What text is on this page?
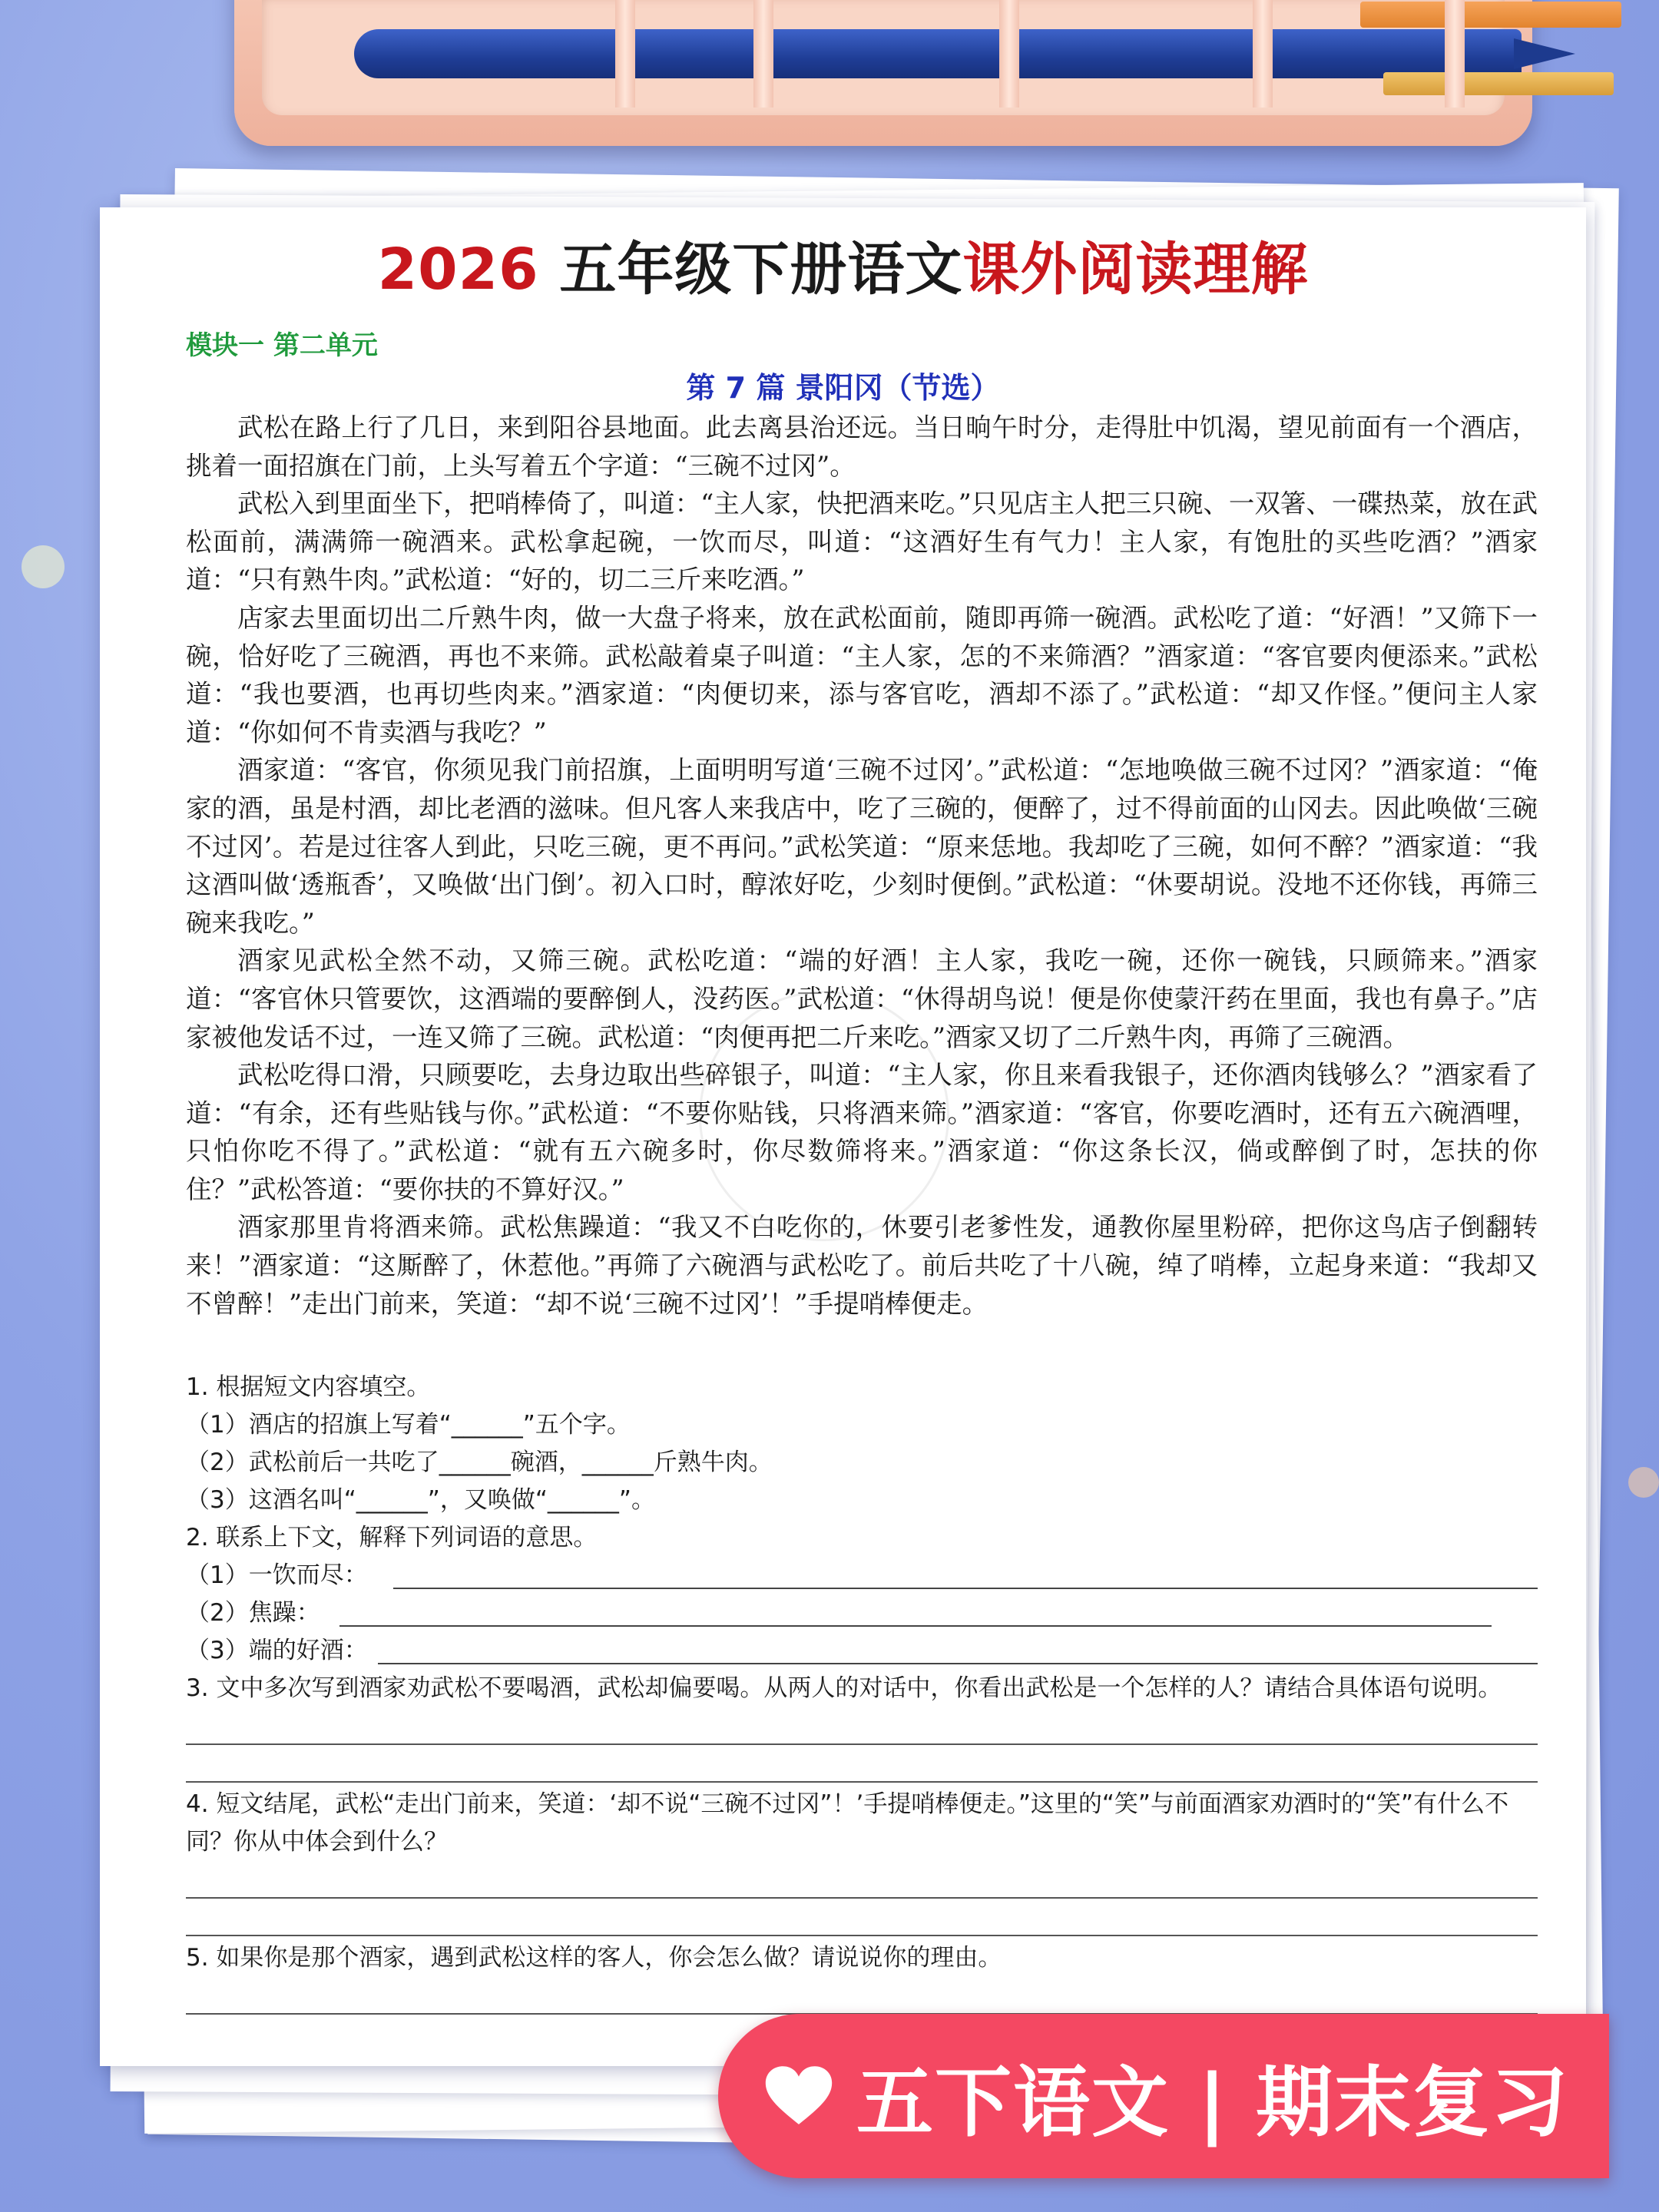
2026 五年级下册语文课外阅读理解
模块一 第二单元
第 7 篇 景阳冈（节选）

武松在路上行了几日，来到阳谷县地面。此去离县治还远。当日晌午时分，走得肚中饥渴，望见前面有一个酒店，挑着一面招旗在门前，上头写着五个字道：“三碗不过冈”。

武松入到里面坐下，把哨棒倚了，叫道：“主人家，快把酒来吃。”只见店主人把三只碗、一双箸、一碟热菜，放在武松面前，满满筛一碗酒来。武松拿起碗，一饮而尽，叫道：“这酒好生有气力！主人家，有饱肚的买些吃酒？”酒家道：“只有熟牛肉。”武松道：“好的，切二三斤来吃酒。”

店家去里面切出二斤熟牛肉，做一大盘子将来，放在武松面前，随即再筛一碗酒。武松吃了道：“好酒！”又筛下一碗，恰好吃了三碗酒，再也不来筛。武松敲着桌子叫道：“主人家，怎的不来筛酒？”酒家道：“客官要肉便添来。”武松道：“我也要酒，也再切些肉来。”酒家道：“肉便切来，添与客官吃，酒却不添了。”武松道：“却又作怪。”便问主人家道：“你如何不肯卖酒与我吃？”

酒家道：“客官，你须见我门前招旗，上面明明写道‘三碗不过冈’。”武松道：“怎地唤做三碗不过冈？”酒家道：“俺家的酒，虽是村酒，却比老酒的滋味。但凡客人来我店中，吃了三碗的，便醉了，过不得前面的山冈去。因此唤做‘三碗不过冈’。若是过往客人到此，只吃三碗，更不再问。”武松笑道：“原来恁地。我却吃了三碗，如何不醉？”酒家道：“我这酒叫做‘透瓶香’，又唤做‘出门倒’。初入口时，醇浓好吃，少刻时便倒。”武松道：“休要胡说。没地不还你钱，再筛三碗来我吃。”

酒家见武松全然不动，又筛三碗。武松吃道：“端的好酒！主人家，我吃一碗，还你一碗钱，只顾筛来。”酒家道：“客官休只管要饮，这酒端的要醉倒人，没药医。”武松道：“休得胡鸟说！便是你使蒙汗药在里面，我也有鼻子。”店家被他发话不过，一连又筛了三碗。武松道：“肉便再把二斤来吃。”酒家又切了二斤熟牛肉，再筛了三碗酒。

武松吃得口滑，只顾要吃，去身边取出些碎银子，叫道：“主人家，你且来看我银子，还你酒肉钱够么？”酒家看了道：“有余，还有些贴钱与你。”武松道：“不要你贴钱，只将酒来筛。”酒家道：“客官，你要吃酒时，还有五六碗酒哩，只怕你吃不得了。”武松道：“就有五六碗多时，你尽数筛将来。”酒家道：“你这条长汉，倘或醉倒了时，怎扶的你住？”武松答道：“要你扶的不算好汉。”

酒家那里肯将酒来筛。武松焦躁道：“我又不白吃你的，休要引老爹性发，通教你屋里粉碎，把你这鸟店子倒翻转来！”酒家道：“这厮醉了，休惹他。”再筛了六碗酒与武松吃了。前后共吃了十八碗，绰了哨棒，立起身来道：“我却又不曾醉！”走出门前来，笑道：“却不说‘三碗不过冈’！”手提哨棒便走。

1. 根据短文内容填空。
（1）酒店的招旗上写着“______”五个字。
（2）武松前后一共吃了______碗酒，______斤熟牛肉。
（3）这酒名叫“______”，又唤做“______”。
2. 联系上下文，解释下列词语的意思。
（1）一饮而尽：
（2）焦躁：
（3）端的好酒：
3. 文中多次写到酒家劝武松不要喝酒，武松却偏要喝。从两人的对话中，你看出武松是一个怎样的人？请结合具体语句说明。
4. 短文结尾，武松“走出门前来，笑道：‘却不说“三碗不过冈”！’手提哨棒便走。”这里的“笑”与前面酒家劝酒时的“笑”有什么不同？你从中体会到什么？
5. 如果你是那个酒家，遇到武松这样的客人，你会怎么做？请说说你的理由。
五下语文 | 期末复习
